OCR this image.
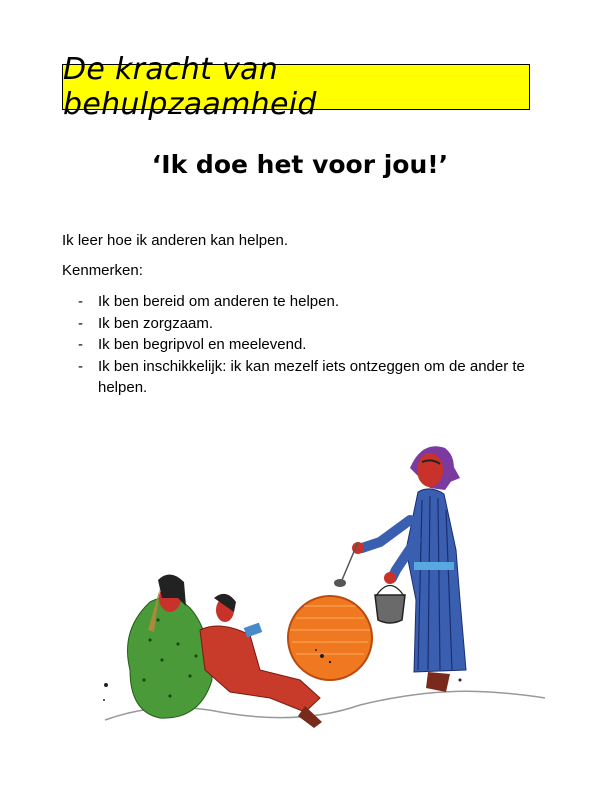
De kracht van behulpzaamheid
‘Ik doe het voor jou!’
Ik leer hoe ik anderen kan helpen.
Kenmerken:
- Ik ben bereid om anderen te helpen.
- Ik ben zorgzaam.
- Ik ben begripvol en meelevend.
- Ik ben inschikkelijk: ik kan mezelf iets ontzeggen om de ander te helpen.
